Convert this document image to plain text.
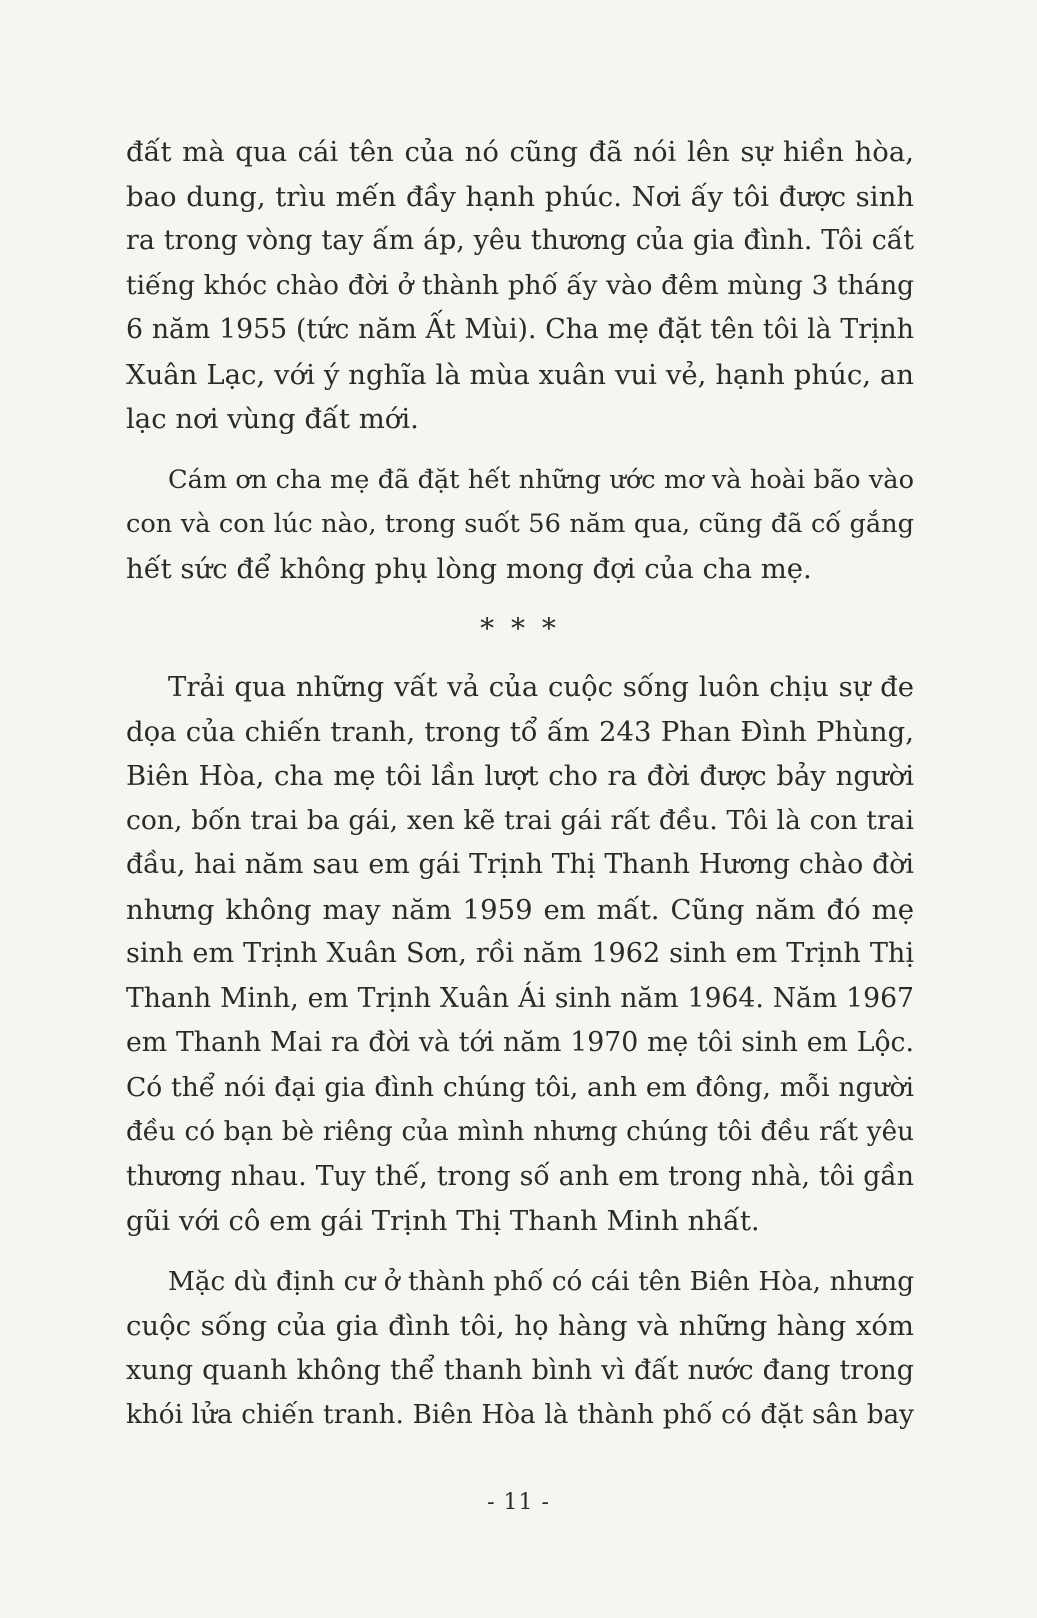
đất mà qua cái tên của nó cũng đã nói lên sự hiền hòa,
bao dung, trìu mến đầy hạnh phúc. Nơi ấy tôi được sinh
ra trong vòng tay ấm áp, yêu thương của gia đình. Tôi cất
tiếng khóc chào đời ở thành phố ấy vào đêm mùng 3 tháng
6 năm 1955 (tức năm Ất Mùi). Cha mẹ đặt tên tôi là Trịnh
Xuân Lạc, với ý nghĩa là mùa xuân vui vẻ, hạnh phúc, an
lạc nơi vùng đất mới.

Cám ơn cha mẹ đã đặt hết những ước mơ và hoài bão vào
con và con lúc nào, trong suốt 56 năm qua, cũng đã cố gắng
hết sức để không phụ lòng mong đợi của cha mẹ.

* * *

Trải qua những vất vả của cuộc sống luôn chịu sự đe
dọa của chiến tranh, trong tổ ấm 243 Phan Đình Phùng,
Biên Hòa, cha mẹ tôi lần lượt cho ra đời được bảy người
con, bốn trai ba gái, xen kẽ trai gái rất đều. Tôi là con trai
đầu, hai năm sau em gái Trịnh Thị Thanh Hương chào đời
nhưng không may năm 1959 em mất. Cũng năm đó mẹ
sinh em Trịnh Xuân Sơn, rồi năm 1962 sinh em Trịnh Thị
Thanh Minh, em Trịnh Xuân Ái sinh năm 1964. Năm 1967
em Thanh Mai ra đời và tới năm 1970 mẹ tôi sinh em Lộc.
Có thể nói đại gia đình chúng tôi, anh em đông, mỗi người
đều có bạn bè riêng của mình nhưng chúng tôi đều rất yêu
thương nhau. Tuy thế, trong số anh em trong nhà, tôi gần
gũi với cô em gái Trịnh Thị Thanh Minh nhất.

Mặc dù định cư ở thành phố có cái tên Biên Hòa, nhưng
cuộc sống của gia đình tôi, họ hàng và những hàng xóm
xung quanh không thể thanh bình vì đất nước đang trong
khói lửa chiến tranh. Biên Hòa là thành phố có đặt sân bay

- 11 -
